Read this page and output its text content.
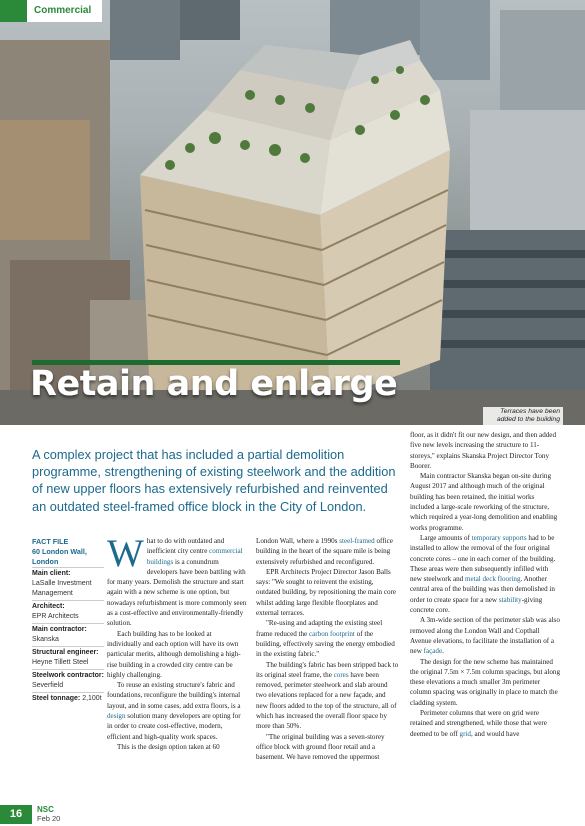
Commercial
Retain and enlarge
Terraces have been added to the building

A complex project that has included a partial demolition programme, strengthening of existing steelwork and the addition of new upper floors has extensively refurbished and reinvented an outdated steel-framed office block in the City of London.

FACT FILE
60 London Wall, London
Main client:
LaSalle Investment Management
Architect:
EPR Architects
Main contractor:
Skanska
Structural engineer:
Heyne Tillett Steel
Steelwork contractor:
Severfield
Steel tonnage: 2,100t

What to do with outdated and inefficient city centre commercial buildings is a conundrum developers have been battling with for many years. Demolish the structure and start again with a new scheme is one option, but nowadays refurbishment is more commonly seen as a cost-effective and environmentally-friendly solution.

Each building has to be looked at individually and each option will have its own particular merits, although demolishing a high-rise building in a crowded city centre can be highly challenging.

To reuse an existing structure's fabric and foundations, reconfigure the building's internal layout, and in some cases, add extra floors, is a design solution many developers are opting for in order to create cost-effective, modern, efficient and high-quality work spaces.

This is the design option taken at 60

London Wall, where a 1990s steel-framed office building in the heart of the square mile is being extensively refurbished and reconfigured.

EPR Architects Project Director Jason Balls says: "We sought to reinvent the existing, outdated building, by repositioning the main core whilst adding large flexible floorplates and external terraces.

"Re-using and adapting the existing steel frame reduced the carbon footprint of the building, effectively saving the energy embodied in the existing fabric."

The building's fabric has been stripped back to its original steel frame, the cores have been removed, perimeter steelwork and slab around two elevations replaced for a new façade, and new floors added to the top of the structure, all of which has increased the overall floor space by more than 50%.

"The original building was a seven-storey office block with ground floor retail and a basement. We have removed the uppermost

floor, as it didn't fit our new design, and then added five new levels increasing the structure to 11-storeys," explains Skanska Project Director Tony Boorer.

Main contractor Skanska began on-site during August 2017 and although much of the original building has been retained, the initial works included a large-scale reworking of the structure, which required a year-long demolition and enabling works programme.

Large amounts of temporary supports had to be installed to allow the removal of the four original concrete cores – one in each corner of the building. These areas were then subsequently infilled with new steelwork and metal deck flooring. Another central area of the building was then demolished in order to create space for a new stability-giving concrete core.

A 3m-wide section of the perimeter slab was also removed along the London Wall and Copthall Avenue elevations, to facilitate the installation of a new façade.

The design for the new scheme has maintained the original 7.5m × 7.5m column spacings, but along these elevations a much smaller 3m perimeter column spacing was originally in place to match the cladding system.

Perimeter columns that were on grid were retained and strengthened, while those that were deemed to be off grid, and would have

16	NSC
Feb 20
